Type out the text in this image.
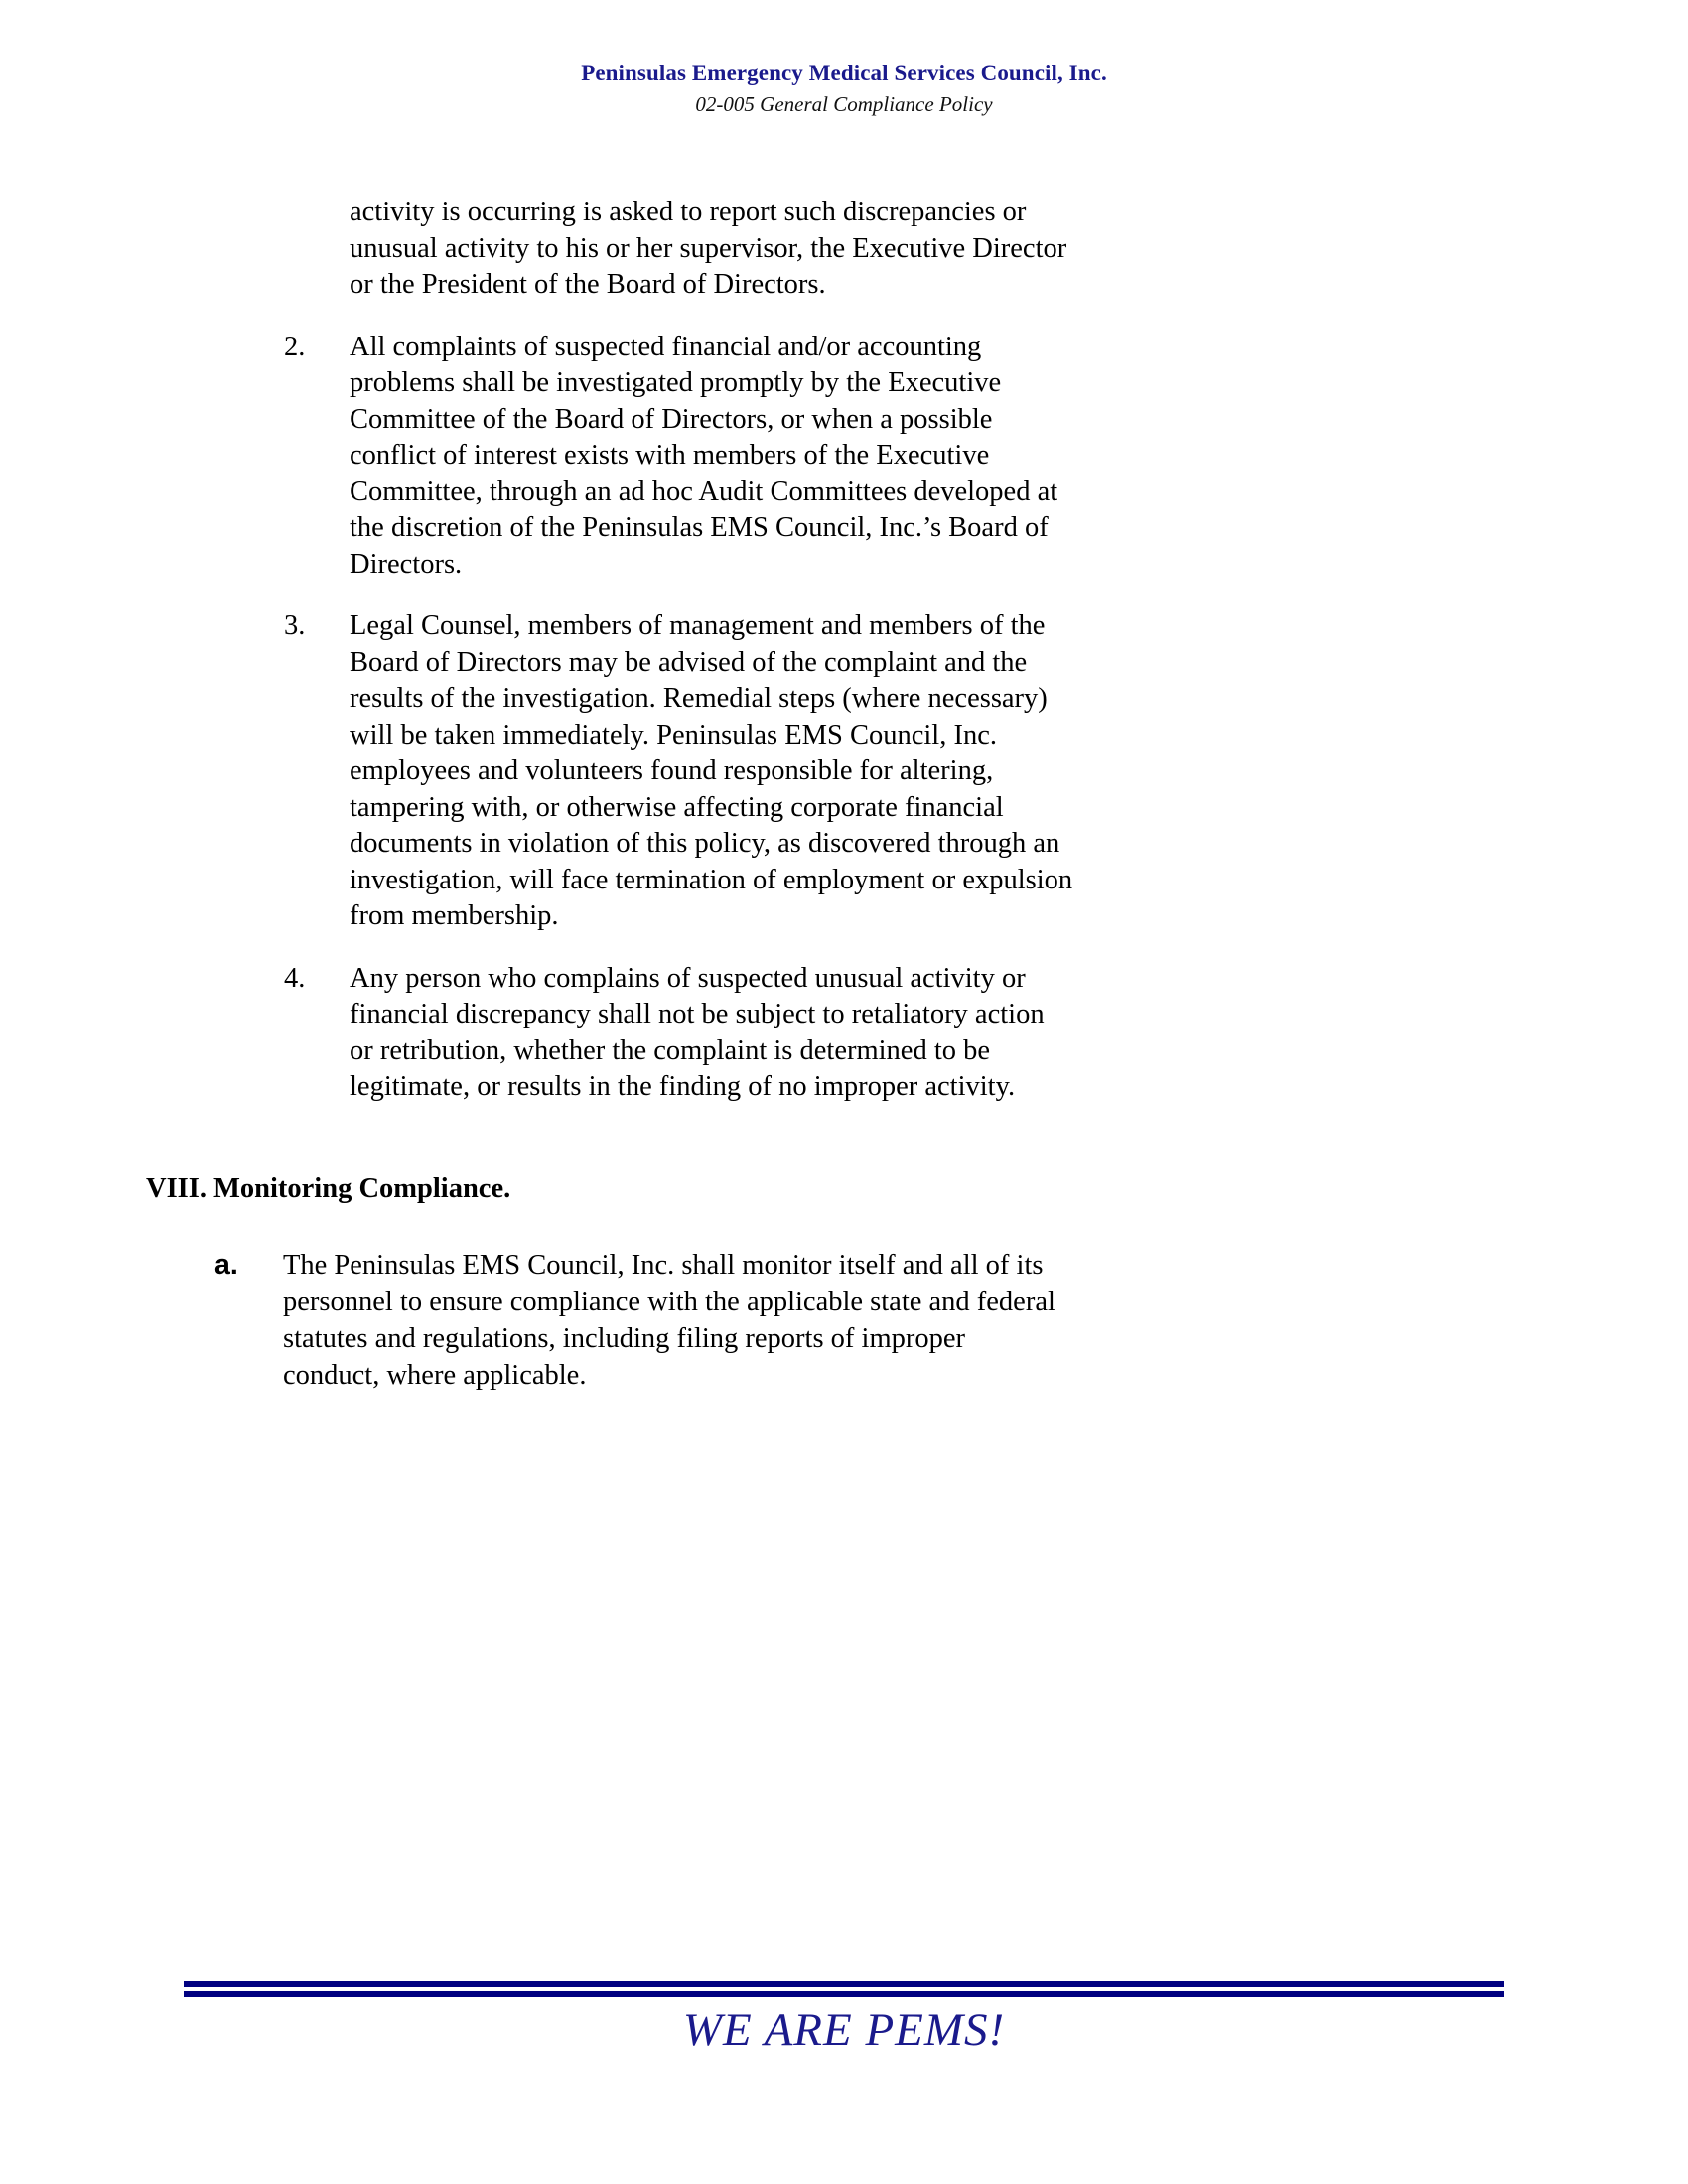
Peninsulas Emergency Medical Services Council, Inc.
02-005 General Compliance Policy
activity is occurring is asked to report such discrepancies or unusual activity to his or her supervisor, the Executive Director or the President of the Board of Directors.
2.	All complaints of suspected financial and/or accounting problems shall be investigated promptly by the Executive Committee of the Board of Directors, or when a possible conflict of interest exists with members of the Executive Committee, through an ad hoc Audit Committees developed at the discretion of the Peninsulas EMS Council, Inc.’s Board of Directors.
3.	Legal Counsel, members of management and members of the Board of Directors may be advised of the complaint and the results of the investigation. Remedial steps (where necessary) will be taken immediately. Peninsulas EMS Council, Inc. employees and volunteers found responsible for altering, tampering with, or otherwise affecting corporate financial documents in violation of this policy, as discovered through an investigation, will face termination of employment or expulsion from membership.
4.	Any person who complains of suspected unusual activity or financial discrepancy shall not be subject to retaliatory action or retribution, whether the complaint is determined to be legitimate, or results in the finding of no improper activity.
VIII. Monitoring Compliance.
a.	The Peninsulas EMS Council, Inc. shall monitor itself and all of its personnel to ensure compliance with the applicable state and federal statutes and regulations, including filing reports of improper conduct, where applicable.
WE ARE PEMS!
